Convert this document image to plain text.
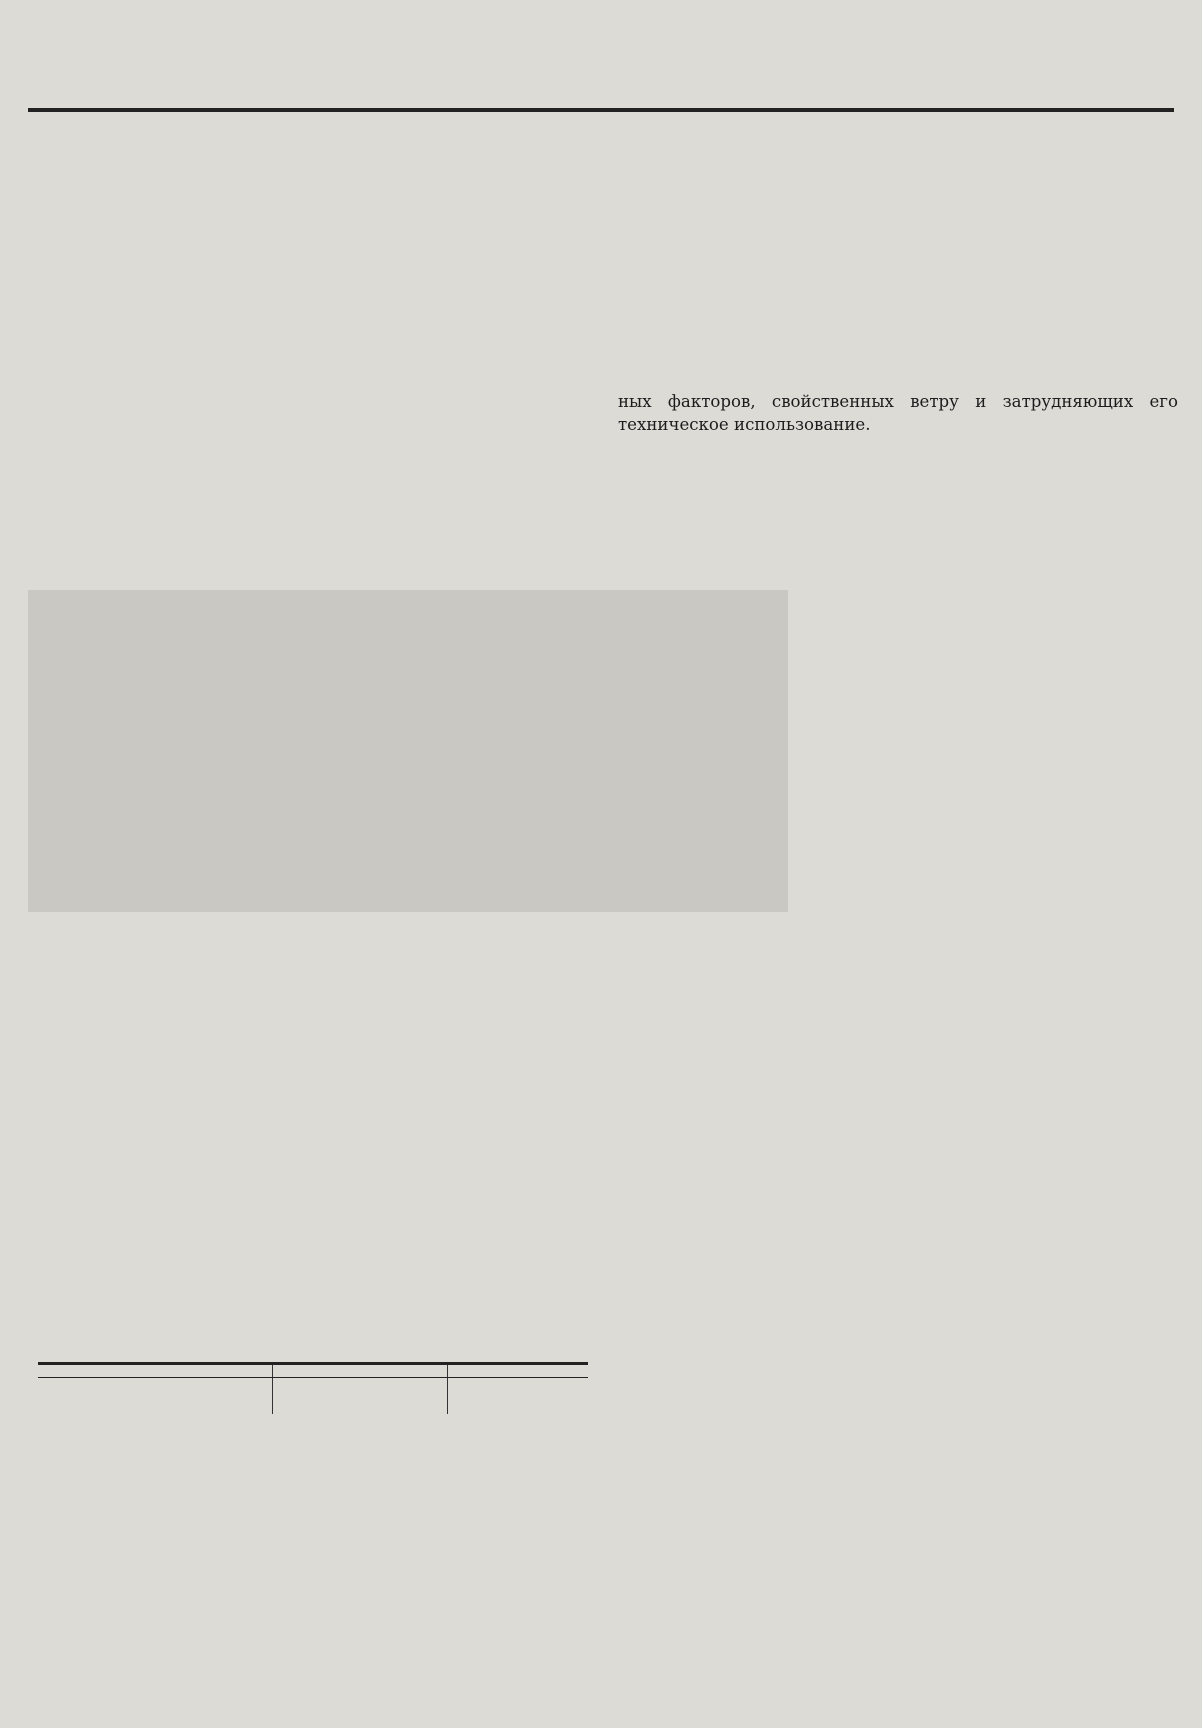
ных факторов, свойственных ветру и затрудняющих его техническое использование.
